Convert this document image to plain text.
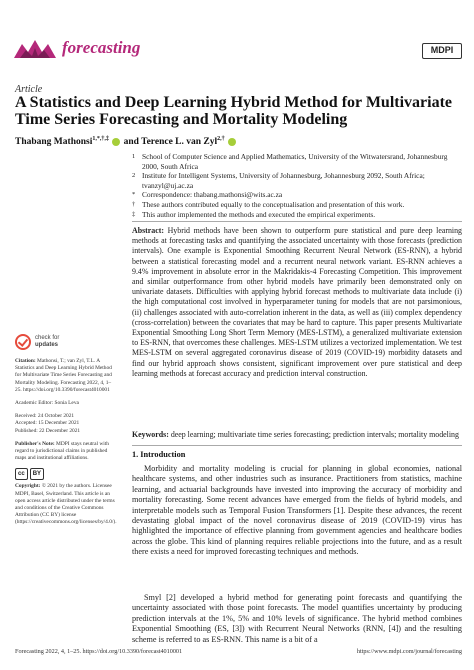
forecasting	MDPI
Article
A Statistics and Deep Learning Hybrid Method for Multivariate Time Series Forecasting and Mortality Modeling
Thabang Mathonsi$^{1,*,\dagger,\ddagger}$ and Terence L. van Zyl$^{2,\dagger}$
1 School of Computer Science and Applied Mathematics, University of the Witwatersrand, Johannesburg 2000, South Africa
2 Institute for Intelligent Systems, University of Johannesburg, Johannesburg 2092, South Africa; tvanzyl@uj.ac.za
* Correspondence: thabang.mathonsi@wits.ac.za
† These authors contributed equally to the conceptualisation and presentation of this work.
‡ This author implemented the methods and executed the empirical experiments.
Abstract: Hybrid methods have been shown to outperform pure statistical and pure deep learning methods at forecasting tasks and quantifying the associated uncertainty with those forecasts (prediction intervals). One example is Exponential Smoothing Recurrent Neural Network (ES-RNN), a hybrid between a statistical forecasting model and a recurrent neural network variant. ES-RNN achieves a 9.4% improvement in absolute error in the Makridakis-4 Forecasting Competition. This improvement and similar outperformance from other hybrid models have primarily been demonstrated only on univariate datasets. Difficulties with applying hybrid forecast methods to multivariate data include (i) the high computational cost involved in hyperparameter tuning for models that are not parsimonious, (ii) challenges associated with auto-correlation inherent in the data, as well as (iii) complex dependency (cross-correlation) between the covariates that may be hard to capture. This paper presents Multivariate Exponential Smoothing Long Short Term Memory (MES-LSTM), a generalized multivariate extension to ES-RNN, that overcomes these challenges. MES-LSTM utilizes a vectorized implementation. We test MES-LSTM on several aggregated coronavirus disease of 2019 (COVID-19) morbidity datasets and find our hybrid approach shows consistent, significant improvement over pure statistical and deep learning methods at forecast accuracy and prediction interval construction.
Keywords: deep learning; multivariate time series forecasting; prediction intervals; mortality modeling
check for
updates
Citation: Mathonsi, T.; van Zyl, T.L. A Statistics and Deep Learning Hybrid Method for Multivariate Time Series Forecasting and Mortality Modeling. Forecasting 2022, 4, 1–25. https://doi.org/10.3390/forecast4010001
Academic Editor: Sonia Leva
Received: 24 October 2021
Accepted: 15 December 2021
Published: 22 December 2021
Publisher's Note: MDPI stays neutral with regard to jurisdictional claims in published maps and institutional affiliations.
cc	BY
Copyright: © 2021 by the authors. Licensee MDPI, Basel, Switzerland. This article is an open access article distributed under the terms and conditions of the Creative Commons Attribution (CC BY) license (https://creativecommons.org/licenses/by/4.0/).
1. Introduction
Morbidity and mortality modeling is crucial for planning in global economies, national healthcare systems, and other industries such as insurance. Practitioners from statistics, machine learning, and actuarial backgrounds have invested into improving the accuracy of morbidity and mortality forecasting. Some recent advances have emerged from the fields of hybrid models, and interpretable models such as Temporal Fusion Transformers [1]. Despite these advances, the recent devastating global impact of the novel coronavirus disease of 2019 (COVID-19) virus has highlighted the importance of effective planning from government agencies and healthcare bodies across the globe. This kind of planning requires reliable projections into the future, and as a result there exists a need for improved forecasting techniques and methods.
Smyl [2] developed a hybrid method for generating point forecasts and quantifying the uncertainty associated with those point forecasts. The model quantifies uncertainty by producing prediction intervals at the 1%, 5% and 10% levels of significance. The hybrid method combines Exponential Smoothing (ES, [3]) with Recurrent Neural Networks (RNN, [4]) and the resulting scheme is referred to as ES-RNN. This name is a bit of a
Forecasting 2022, 4, 1–25. https://doi.org/10.3390/forecast4010001	https://www.mdpi.com/journal/forecasting
